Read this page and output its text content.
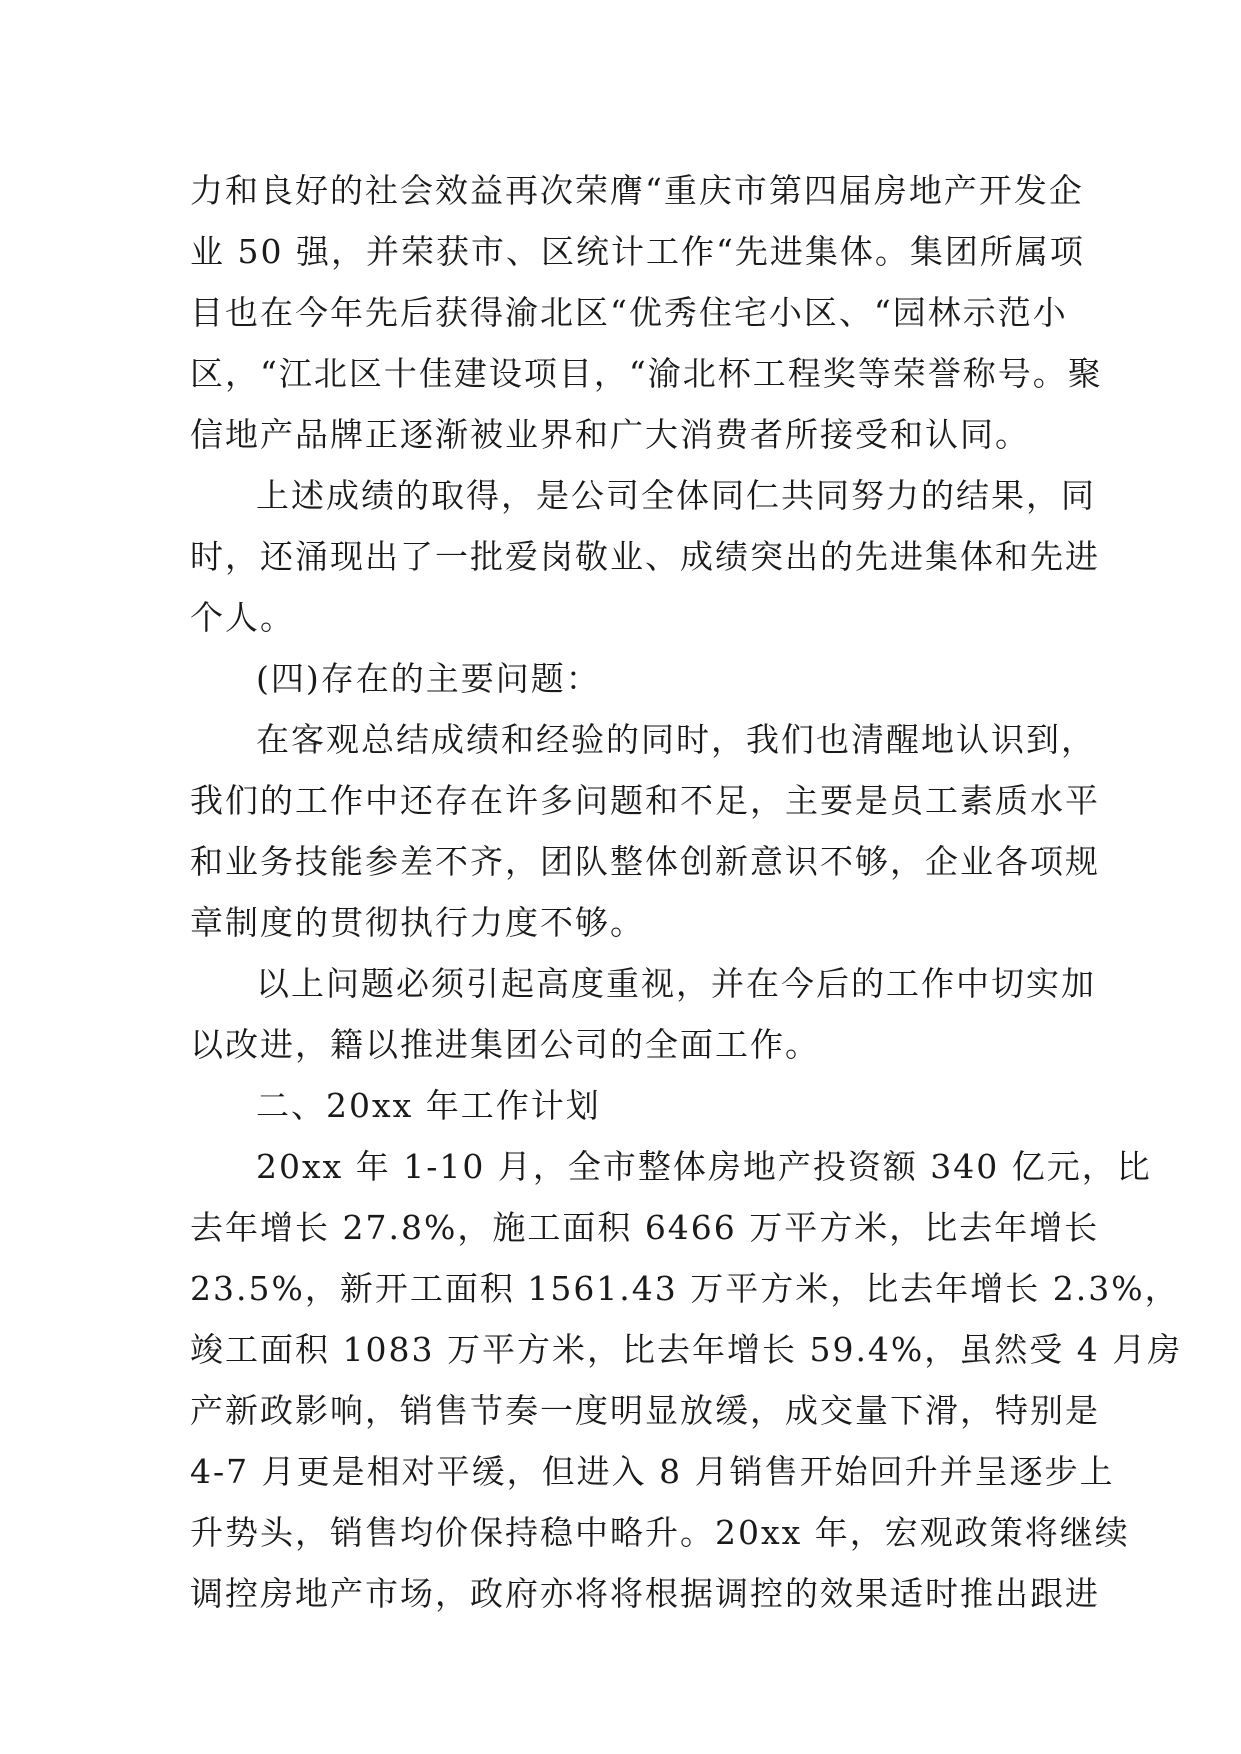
力和良好的社会效益再次荣膺“重庆市第四届房地产开发企
业 50 强，并荣获市、区统计工作“先进集体。集团所属项
目也在今年先后获得渝北区“优秀住宅小区、“园林示范小
区，“江北区十佳建设项目，“渝北杯工程奖等荣誉称号。聚
信地产品牌正逐渐被业界和广大消费者所接受和认同。
上述成绩的取得，是公司全体同仁共同努力的结果，同
时，还涌现出了一批爱岗敬业、成绩突出的先进集体和先进
个人。
(四)存在的主要问题：
在客观总结成绩和经验的同时，我们也清醒地认识到，
我们的工作中还存在许多问题和不足，主要是员工素质水平
和业务技能参差不齐，团队整体创新意识不够，企业各项规
章制度的贯彻执行力度不够。
以上问题必须引起高度重视，并在今后的工作中切实加
以改进，籍以推进集团公司的全面工作。
二、20xx 年工作计划
20xx 年 1-10 月，全市整体房地产投资额 340 亿元，比
去年增长 27.8%，施工面积 6466 万平方米，比去年增长
23.5%，新开工面积 1561.43 万平方米，比去年增长 2.3%，
竣工面积 1083 万平方米，比去年增长 59.4%，虽然受 4 月房
产新政影响，销售节奏一度明显放缓，成交量下滑，特别是
4-7 月更是相对平缓，但进入 8 月销售开始回升并呈逐步上
升势头，销售均价保持稳中略升。20xx 年，宏观政策将继续
调控房地产市场，政府亦将将根据调控的效果适时推出跟进
